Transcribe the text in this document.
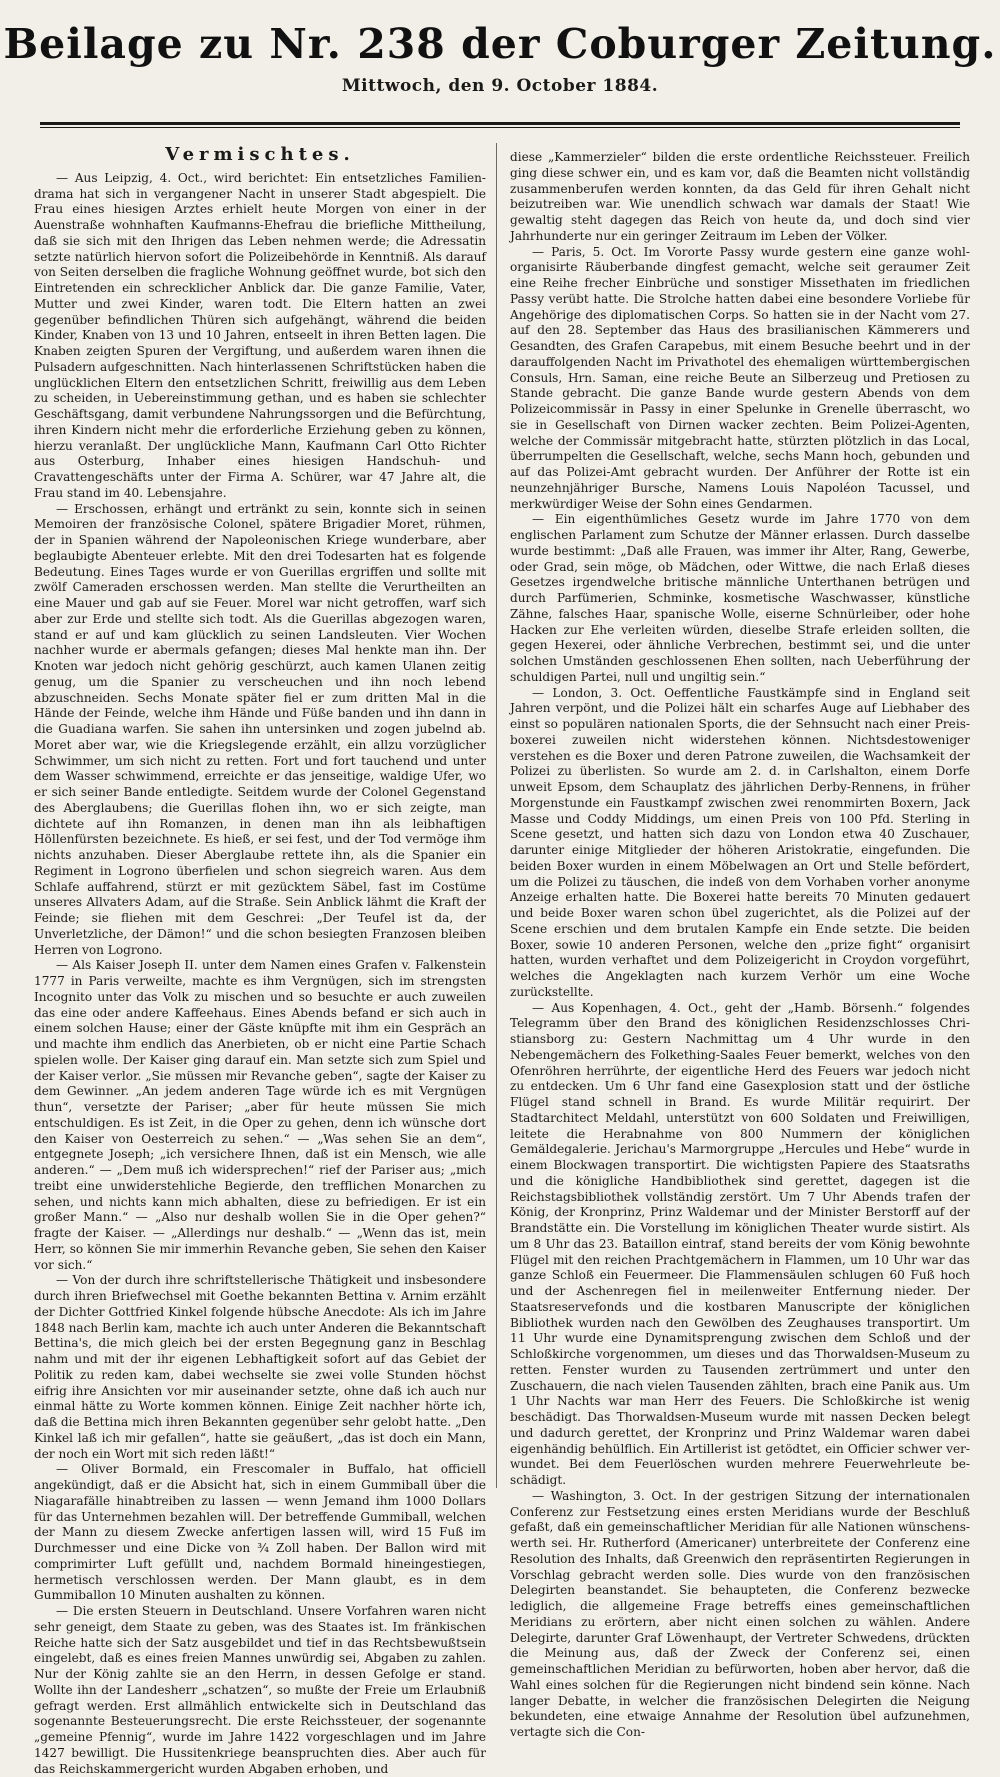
Beilage zu Nr. 238 der Coburger Zeitung.
Mittwoch, den 9. October 1884.
Vermischtes.

— Aus Leipzig, 4. Oct., wird berichtet: Ein entsetzliches Familiendrama hat sich in vergangener Nacht in unserer Stadt abgespielt. Die Frau eines hiesigen Arztes erhielt heute Morgen von einer in der Auenstraße wohnhaften Kaufmanns-Ehefrau die briefliche Mittheilung, daß sie sich mit den Ihrigen das Leben nehmen werde; die Adressatin setzte natürlich hiervon sofort die Polizeibehörde in Kenntniß. Als darauf von Seiten derselben die fragliche Wohnung geöffnet wurde, bot sich den Eintretenden ein schrecklicher Anblick dar. Die ganze Familie, Vater, Mutter und zwei Kinder, waren todt. Die Eltern hatten an zwei gegenüber befindlichen Thüren sich aufgehängt, während die beiden Kinder, Knaben von 13 und 10 Jahren, entseelt in ihren Betten lagen. Die Knaben zeigten Spuren der Vergiftung, und außerdem waren ihnen die Pulsadern aufgeschnitten. Nach hinterlassenen Schriftstücken haben die unglücklichen Eltern den entsetzlichen Schritt, freiwillig aus dem Leben zu scheiden, in Uebereinstimmung gethan, und es haben sie schlechter Geschäftsgang, damit verbundene Nahrungssorgen und die Befürchtung, ihren Kindern nicht mehr die erforderliche Erziehung geben zu können, hierzu veranlaßt. Der unglückliche Mann, Kaufmann Carl Otto Richter aus Osterburg, Inhaber eines hiesigen Handschuh- und Cravattengeschäfts unter der Firma A. Schürer, war 47 Jahre alt, die Frau stand im 40. Lebensjahre.

— Erschossen, erhängt und ertränkt zu sein, konnte sich in seinen Memoiren der französische Colonel, spätere Brigadier Moret, rühmen, der in Spanien während der Napoleonischen Kriege wunderbare, aber beglaubigte Abenteuer erlebte. Mit den drei Todesarten hat es folgende Bedeutung. Eines Tages wurde er von Guerillas ergriffen und sollte mit zwölf Cameraden erschossen werden. Man stellte die Verurtheilten an eine Mauer und gab auf sie Feuer. Morel war nicht getroffen, warf sich aber zur Erde und stellte sich todt. Als die Guerillas abgezogen waren, stand er auf und kam glücklich zu seinen Landsleuten. Vier Wochen nachher wurde er abermals gefangen; dieses Mal henkte man ihn. Der Knoten war jedoch nicht gehörig geschürzt, auch kamen Ulanen zeitig genug, um die Spanier zu verscheuchen und ihn noch lebend abzuschneiden. Sechs Monate später fiel er zum dritten Mal in die Hände der Feinde, welche ihm Hände und Füße banden und ihn dann in die Guadiana warfen. Sie sahen ihn untersinken und zogen jubelnd ab. Moret aber war, wie die Kriegslegende erzählt, ein allzu vorzüglicher Schwimmer, um sich nicht zu retten. Fort und fort tauchend und unter dem Wasser schwimmend, erreichte er das jenseitige, waldige Ufer, wo er sich seiner Bande entledigte. Seitdem wurde der Colonel Gegenstand des Aberglaubens; die Guerillas flohen ihn, wo er sich zeigte, man dichtete auf ihn Romanzen, in denen man ihn als leibhaftigen Höllenfürsten bezeichnete. Es hieß, er sei fest, und der Tod vermöge ihm nichts anzuhaben. Dieser Aberglaube rettete ihn, als die Spanier ein Regiment in Logrono überfielen und schon siegreich waren. Aus dem Schlafe auffahrend, stürzt er mit gezücktem Säbel, fast im Costüme unseres Allvaters Adam, auf die Straße. Sein Anblick lähmt die Kraft der Feinde; sie fliehen mit dem Geschrei: „Der Teufel ist da, der Unverletzliche, der Dämon!“ und die schon besiegten Franzosen bleiben Herren von Logrono.

— Als Kaiser Joseph II. unter dem Namen eines Grafen v. Falkenstein 1777 in Paris verweilte, machte es ihm Vergnügen, sich im strengsten Incognito unter das Volk zu mischen und so besuchte er auch zuweilen das eine oder andere Kaffeehaus. Eines Abends befand er sich auch in einem solchen Hause; einer der Gäste knüpfte mit ihm ein Gespräch an und machte ihm endlich das Anerbieten, ob er nicht eine Partie Schach spielen wolle. Der Kaiser ging darauf ein. Man setzte sich zum Spiel und der Kaiser verlor. „Sie müssen mir Revanche geben“, sagte der Kaiser zu dem Gewinner. „An jedem anderen Tage würde ich es mit Vergnügen thun“, versetzte der Pariser; „aber für heute müssen Sie mich entschuldigen. Es ist Zeit, in die Oper zu gehen, denn ich wünsche dort den Kaiser von Oesterreich zu sehen.“ — „Was sehen Sie an dem“, entgegnete Joseph; „ich versichere Ihnen, daß ist ein Mensch, wie alle anderen.“ — „Dem muß ich widersprechen!“ rief der Pariser aus; „mich treibt eine unwiderstehliche Begierde, den trefflichen Monarchen zu sehen, und nichts kann mich abhalten, diese zu befriedigen. Er ist ein großer Mann.“ — „Also nur deshalb wollen Sie in die Oper gehen?“ fragte der Kaiser. — „Allerdings nur deshalb.“ — „Wenn das ist, mein Herr, so können Sie mir immerhin Revanche geben, Sie sehen den Kaiser vor sich.“

— Von der durch ihre schriftstellerische Thätigkeit und insbesondere durch ihren Briefwechsel mit Goethe bekannten Bettina v. Arnim erzählt der Dichter Gottfried Kinkel folgende hübsche Anecdote: Als ich im Jahre 1848 nach Berlin kam, machte ich auch unter Anderen die Bekanntschaft Bettina's, die mich gleich bei der ersten Begegnung ganz in Beschlag nahm und mit der ihr eigenen Lebhaftigkeit sofort auf das Gebiet der Politik zu reden kam, dabei wechselte sie zwei volle Stunden höchst eifrig ihre Ansichten vor mir auseinander setzte, ohne daß ich auch nur einmal hätte zu Worte kommen können. Einige Zeit nachher hörte ich, daß die Bettina mich ihren Bekannten gegenüber sehr gelobt hatte. „Den Kinkel laß ich mir gefallen“, hatte sie geäußert, „das ist doch ein Mann, der noch ein Wort mit sich reden läßt!“

— Oliver Bormald, ein Frescomaler in Buffalo, hat officiell angekündigt, daß er die Absicht hat, sich in einem Gummiball über die Niagarafälle hinabtreiben zu lassen — wenn Jemand ihm 1000 Dollars für das Unternehmen bezahlen will. Der betreffende Gummiball, welchen der Mann zu diesem Zwecke anfertigen lassen will, wird 15 Fuß im Durchmesser und eine Dicke von ¾ Zoll haben. Der Ballon wird mit comprimirter Luft gefüllt und, nachdem Bormald hineingestiegen, hermetisch verschlossen werden. Der Mann glaubt, es in dem Gummiballon 10 Minuten aushalten zu können.

— Die ersten Steuern in Deutschland. Unsere Vorfahren waren nicht sehr geneigt, dem Staate zu geben, was des Staates ist. Im fränkischen Reiche hatte sich der Satz ausgebildet und tief in das Rechtsbewußtsein eingelebt, daß es eines freien Mannes unwürdig sei, Abgaben zu zahlen. Nur der König zahlte sie an den Herrn, in dessen Gefolge er stand. Wollte ihn der Landesherr „schatzen“, so mußte der Freie um Erlaubniß gefragt werden. Erst allmählich entwickelte sich in Deutschland das sogenannte Besteuerungsrecht. Die erste Reichssteuer, der sogenannte „gemeine Pfennig“, wurde im Jahre 1422 vorgeschlagen und im Jahre 1427 bewilligt. Die Hussitenkriege beanspruchten dies. Aber auch für das Reichskammergericht wurden Abgaben erhoben, und

diese „Kammerzieler“ bilden die erste ordentliche Reichssteuer. Freilich ging diese schwer ein, und es kam vor, daß die Beamten nicht vollständig zusammenberufen werden konnten, da das Geld für ihren Gehalt nicht beizutreiben war. Wie unendlich schwach war damals der Staat! Wie gewaltig steht dagegen das Reich von heute da, und doch sind vier Jahrhunderte nur ein geringer Zeitraum im Leben der Völker.

— Paris, 5. Oct. Im Vororte Passy wurde gestern eine ganze wohlorganisirte Räuberbande dingfest gemacht, welche seit geraumer Zeit eine Reihe frecher Einbrüche und sonstiger Missethaten im friedlichen Passy verübt hatte. Die Strolche hatten dabei eine besondere Vorliebe für Angehörige des diplomatischen Corps. So hatten sie in der Nacht vom 27. auf den 28. September das Haus des brasilianischen Kämmerers und Gesandten, des Grafen Carapebus, mit einem Besuche beehrt und in der darauffolgenden Nacht im Privathotel des ehemaligen württembergischen Consuls, Hrn. Saman, eine reiche Beute an Silberzeug und Pretiosen zu Stande gebracht. Die ganze Bande wurde gestern Abends von dem Polizeicommissär in Passy in einer Spelunke in Grenelle überrascht, wo sie in Gesellschaft von Dirnen wacker zechten. Beim Polizei-Agenten, welche der Commissär mitgebracht hatte, stürzten plötzlich in das Local, überrumpelten die Gesellschaft, welche, sechs Mann hoch, gebunden und auf das Polizei-Amt gebracht wurden. Der Anführer der Rotte ist ein neunzehnjähriger Bursche, Namens Louis Napoléon Tacussel, und merkwürdiger Weise der Sohn eines Gendarmen.

— Ein eigenthümliches Gesetz wurde im Jahre 1770 von dem englischen Parlament zum Schutze der Männer erlassen. Durch dasselbe wurde bestimmt: „Daß alle Frauen, was immer ihr Alter, Rang, Gewerbe, oder Grad, sein möge, ob Mädchen, oder Wittwe, die nach Erlaß dieses Gesetzes irgendwelche britische männliche Unterthanen betrügen und durch Parfümerien, Schminke, kosmetische Waschwasser, künstliche Zähne, falsches Haar, spanische Wolle, eiserne Schnürleiber, oder hohe Hacken zur Ehe verleiten würden, dieselbe Strafe erleiden sollten, die gegen Hexerei, oder ähnliche Verbrechen, bestimmt sei, und die unter solchen Umständen geschlossenen Ehen sollten, nach Ueberführung der schuldigen Partei, null und ungiltig sein.“

— London, 3. Oct. Oeffentliche Faustkämpfe sind in England seit Jahren verpönt, und die Polizei hält ein scharfes Auge auf Liebhaber des einst so populären nationalen Sports, die der Sehnsucht nach einer Preisboxerei zuweilen nicht widerstehen können. Nichtsdestoweniger verstehen es die Boxer und deren Patrone zuweilen, die Wachsamkeit der Polizei zu überlisten. So wurde am 2. d. in Carlshalton, einem Dorfe unweit Epsom, dem Schauplatz des jährlichen Derby-Rennens, in früher Morgenstunde ein Faustkampf zwischen zwei renommirten Boxern, Jack Masse und Coddy Middings, um einen Preis von 100 Pfd. Sterling in Scene gesetzt, und hatten sich dazu von London etwa 40 Zuschauer, darunter einige Mitglieder der höheren Aristokratie, eingefunden. Die beiden Boxer wurden in einem Möbelwagen an Ort und Stelle befördert, um die Polizei zu täuschen, die indeß von dem Vorhaben vorher anonyme Anzeige erhalten hatte. Die Boxerei hatte bereits 70 Minuten gedauert und beide Boxer waren schon übel zugerichtet, als die Polizei auf der Scene erschien und dem brutalen Kampfe ein Ende setzte. Die beiden Boxer, sowie 10 anderen Personen, welche den „prize fight“ organisirt hatten, wurden verhaftet und dem Polizeigericht in Croydon vorgeführt, welches die Angeklagten nach kurzem Verhör um eine Woche zurückstellte.

— Aus Kopenhagen, 4. Oct., geht der „Hamb. Börsenh.“ folgendes Telegramm über den Brand des königlichen Residenzschlosses Christiansborg zu: Gestern Nachmittag um 4 Uhr wurde in den Nebengemächern des Folkething-Saales Feuer bemerkt, welches von den Ofenröhren herrührte, der eigentliche Herd des Feuers war jedoch nicht zu entdecken. Um 6 Uhr fand eine Gasexplosion statt und der östliche Flügel stand schnell in Brand. Es wurde Militär requirirt. Der Stadtarchitect Meldahl, unterstützt von 600 Soldaten und Freiwilligen, leitete die Herabnahme von 800 Nummern der königlichen Gemäldegalerie. Jerichau's Marmorgruppe „Hercules und Hebe“ wurde in einem Blockwagen transportirt. Die wichtigsten Papiere des Staatsraths und die königliche Handbibliothek sind gerettet, dagegen ist die Reichstagsbibliothek vollständig zerstört. Um 7 Uhr Abends trafen der König, der Kronprinz, Prinz Waldemar und der Minister Berstorff auf der Brandstätte ein. Die Vorstellung im königlichen Theater wurde sistirt. Als um 8 Uhr das 23. Bataillon eintraf, stand bereits der vom König bewohnte Flügel mit den reichen Prachtgemächern in Flammen, um 10 Uhr war das ganze Schloß ein Feuermeer. Die Flammensäulen schlugen 60 Fuß hoch und der Aschenregen fiel in meilenweiter Entfernung nieder. Der Staatsreservefonds und die kostbaren Manuscripte der königlichen Bibliothek wurden nach den Gewölben des Zeughauses transportirt. Um 11 Uhr wurde eine Dynamitsprengung zwischen dem Schloß und der Schloßkirche vorgenommen, um dieses und das Thorwaldsen-Museum zu retten. Fenster wurden zu Tausenden zertrümmert und unter den Zuschauern, die nach vielen Tausenden zählten, brach eine Panik aus. Um 1 Uhr Nachts war man Herr des Feuers. Die Schloßkirche ist wenig beschädigt. Das Thorwaldsen-Museum wurde mit nassen Decken belegt und dadurch gerettet, der Kronprinz und Prinz Waldemar waren dabei eigenhändig behülflich. Ein Artillerist ist getödtet, ein Officier schwer verwundet. Bei dem Feuerlöschen wurden mehrere Feuerwehrleute beschädigt.

— Washington, 3. Oct. In der gestrigen Sitzung der internationalen Conferenz zur Festsetzung eines ersten Meridians wurde der Beschluß gefaßt, daß ein gemeinschaftlicher Meridian für alle Nationen wünschenswerth sei. Hr. Rutherford (Americaner) unterbreitete der Conferenz eine Resolution des Inhalts, daß Greenwich den repräsentirten Regierungen in Vorschlag gebracht werden solle. Dies wurde von den französischen Delegirten beanstandet. Sie behaupteten, die Conferenz bezwecke lediglich, die allgemeine Frage betreffs eines gemeinschaftlichen Meridians zu erörtern, aber nicht einen solchen zu wählen. Andere Delegirte, darunter Graf Löwenhaupt, der Vertreter Schwedens, drückten die Meinung aus, daß der Zweck der Conferenz sei, einen gemeinschaftlichen Meridian zu befürworten, hoben aber hervor, daß die Wahl eines solchen für die Regierungen nicht bindend sein könne. Nach langer Debatte, in welcher die französischen Delegirten die Neigung bekundeten, eine etwaige Annahme der Resolution übel aufzunehmen, vertagte sich die Con-
